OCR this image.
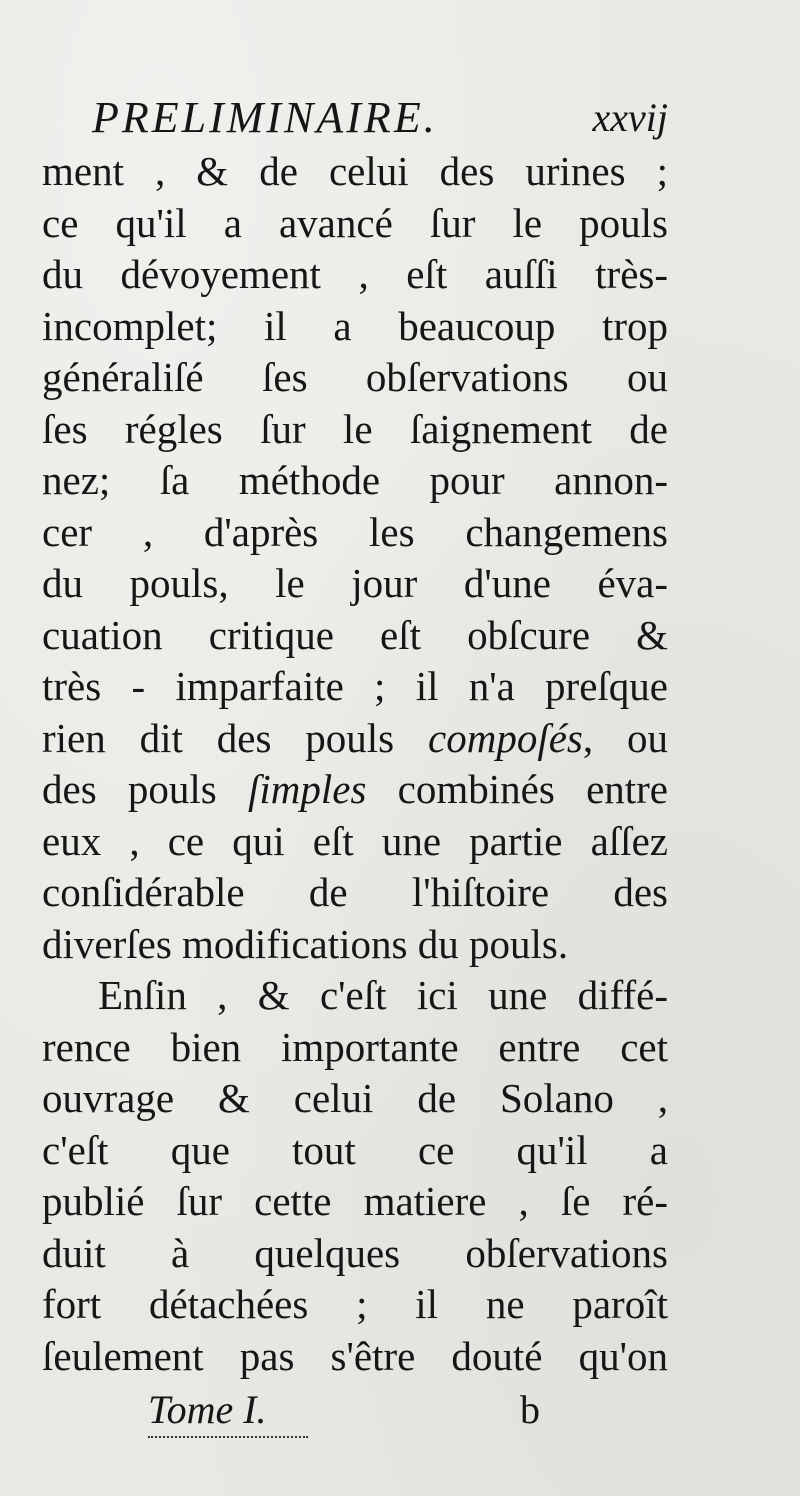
PRELIMINAIRE.	xxvij
ment , & de celui des urines ;
ce qu'il a avancé ſur le pouls
du dévoyement , eſt auſſi très-
incomplet; il a beaucoup trop
généraliſé ſes obſervations ou
ſes régles ſur le ſaignement de
nez; ſa méthode pour annon-
cer , d'après les changemens
du pouls, le jour d'une éva-
cuation critique eſt obſcure &
très - imparfaite ; il n'a preſque
rien dit des pouls compoſés, ou
des pouls ſimples combinés entre
eux , ce qui eſt une partie aſſez
conſidérable de l'hiſtoire des
diverſes modifications du pouls.
Enſin , & c'eſt ici une diffé-
rence bien importante entre cet
ouvrage & celui de Solano ,
c'eſt que tout ce qu'il a
publié ſur cette matiere , ſe ré-
duit à quelques obſervations
fort détachées ; il ne paroît
ſeulement pas s'être douté qu'on
Tome I.	b
